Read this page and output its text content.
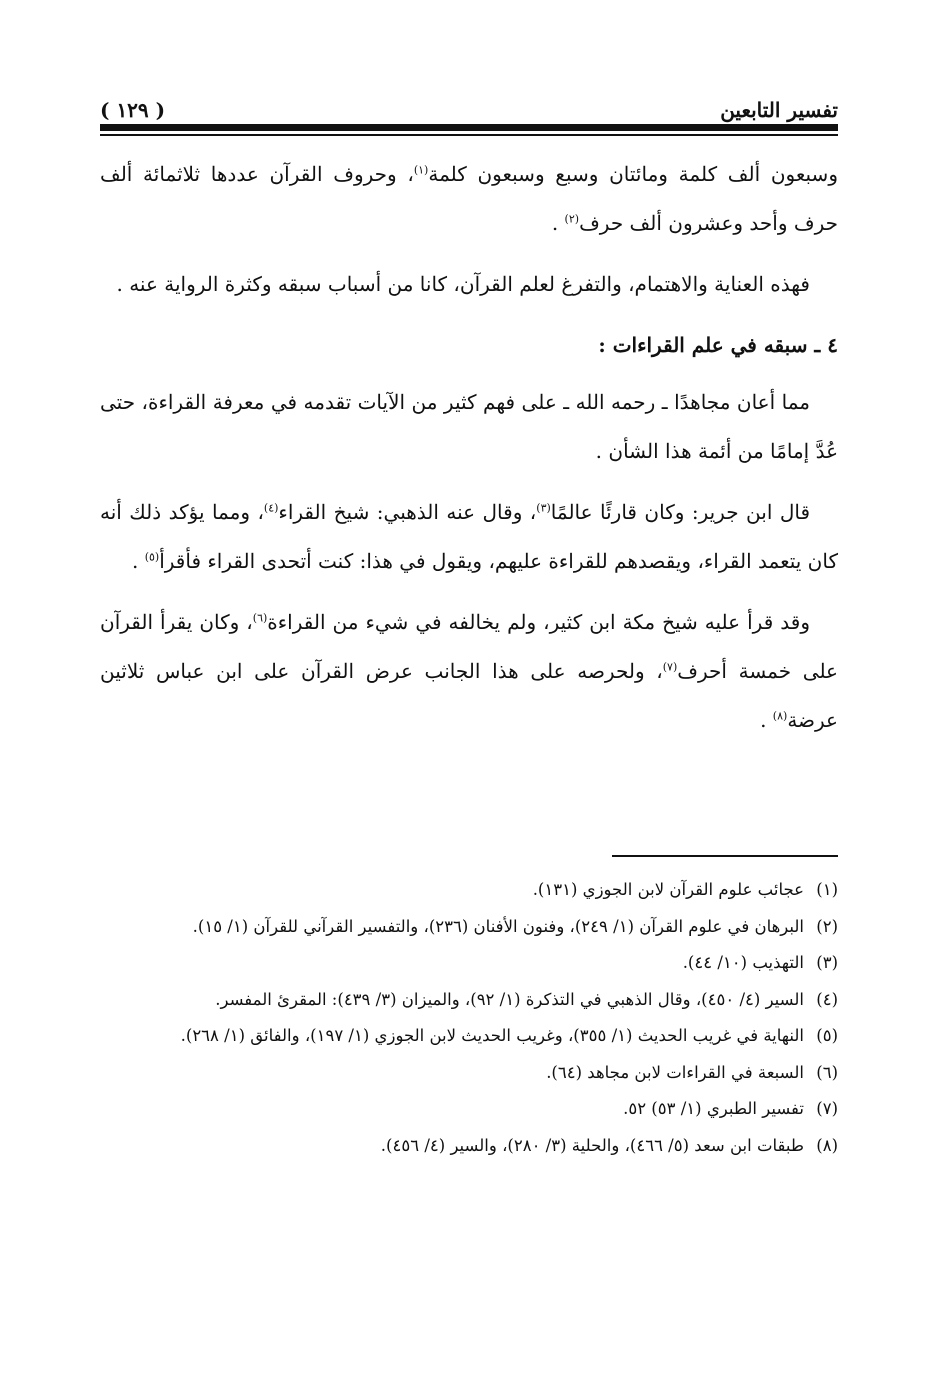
تفسير التابعين
( ١٢٩ )

وسبعون ألف كلمة ومائتان وسبع وسبعون كلمة$^{(١)}$، وحروف القرآن عددها ثلاثمائة ألف حرف وأحد وعشرون ألف حرف$^{(٢)}$ .

فهذه العناية والاهتمام، والتفرغ لعلم القرآن، كانا من أسباب سبقه وكثرة الرواية عنه .

٤ ـ سبقه في علم القراءات :

مما أعان مجاهدًا ـ رحمه الله ـ على فهم كثير من الآيات تقدمه في معرفة القراءة، حتى عُدَّ إمامًا من أئمة هذا الشأن .

قال ابن جرير: وكان قارئًا عالمًا$^{(٣)}$، وقال عنه الذهبي: شيخ القراء$^{(٤)}$، ومما يؤكد ذلك أنه كان يتعمد القراء، ويقصدهم للقراءة عليهم، ويقول في هذا: كنت أتحدى القراء فأقرأ$^{(٥)}$ .

وقد قرأ عليه شيخ مكة ابن كثير، ولم يخالفه في شيء من القراءة$^{(٦)}$، وكان يقرأ القرآن على خمسة أحرف$^{(٧)}$، ولحرصه على هذا الجانب عرض القرآن على ابن عباس ثلاثين عرضة$^{(٨)}$ .

(١)
عجائب علوم القرآن لابن الجوزي (١٣١).
(٢)
البرهان في علوم القرآن (١/ ٢٤٩)، وفنون الأفنان (٢٣٦)، والتفسير القرآني للقرآن (١/ ١٥).
(٣)
التهذيب (١٠/ ٤٤).
(٤)
السير (٤/ ٤٥٠)، وقال الذهبي في التذكرة (١/ ٩٢)، والميزان (٣/ ٤٣٩): المقرئ المفسر.
(٥)
النهاية في غريب الحديث (١/ ٣٥٥)، وغريب الحديث لابن الجوزي (١/ ١٩٧)، والفائق (١/ ٢٦٨).
(٦)
السبعة في القراءات لابن مجاهد (٦٤).
(٧)
تفسير الطبري (١/ ٥٣) ٥٢.
(٨)
طبقات ابن سعد (٥/ ٤٦٦)، والحلية (٣/ ٢٨٠)، والسير (٤/ ٤٥٦).
